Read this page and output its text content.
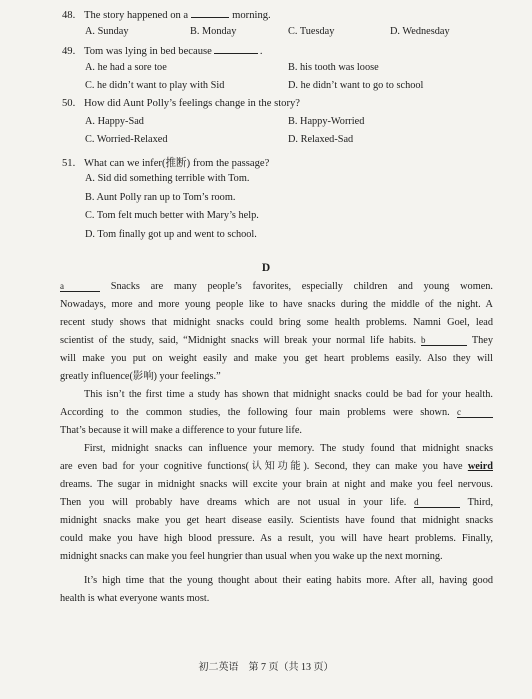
48. The story happened on a	morning.
A. Sunday	B. Monday	C. Tuesday	D. Wednesday
49. Tom was lying in bed because	.
A. he had a sore toe	B. his tooth was loose
C. he didn’t want to play with Sid	D. he didn’t want to go to school
50. How did Aunt Polly’s feelings change in the story?
A. Happy-Sad	B. Happy-Worried
C. Worried-Relaxed	D. Relaxed-Sad
51. What can we infer(推断) from the passage?
A. Sid did something terrible with Tom.
B. Aunt Polly ran up to Tom’s room.
C. Tom felt much better with Mary’s help.
D. Tom finally got up and went to school.
D
a	Snacks are many people’s favorites, especially children and young women.
Nowadays, more and more young people like to have snacks during the middle of the night. A
recent study shows that midnight snacks could bring some health problems. Namni Goel, lead
scientist of the study, said, “Midnight snacks will break your normal life habits. b	They
will make you put on weight easily and make you get heart problems easily. Also they will
greatly influence(影响) your feelings.”
This isn’t the first time a study has shown that midnight snacks could be bad for your health.
According to the common studies, the following four main problems were shown. c
That’s because it will make a difference to your future life.
First, midnight snacks can influence your memory. The study found that midnight snacks
are even bad for your cognitive functions(认知功能). Second, they can make you have weird
dreams. The sugar in midnight snacks will excite your brain at night and make you feel nervous.
Then you will probably have dreams which are not usual in your life. d	Third,
midnight snacks make you get heart disease easily. Scientists have found that midnight snacks
could make you have high blood pressure. As a result, you will have heart problems. Finally,
midnight snacks can make you feel hungrier than usual when you wake up the next morning.
It’s high time that the young thought about their eating habits more. After all, having good
health is what everyone wants most.
初二英语　第 7 页（共 13 页）
